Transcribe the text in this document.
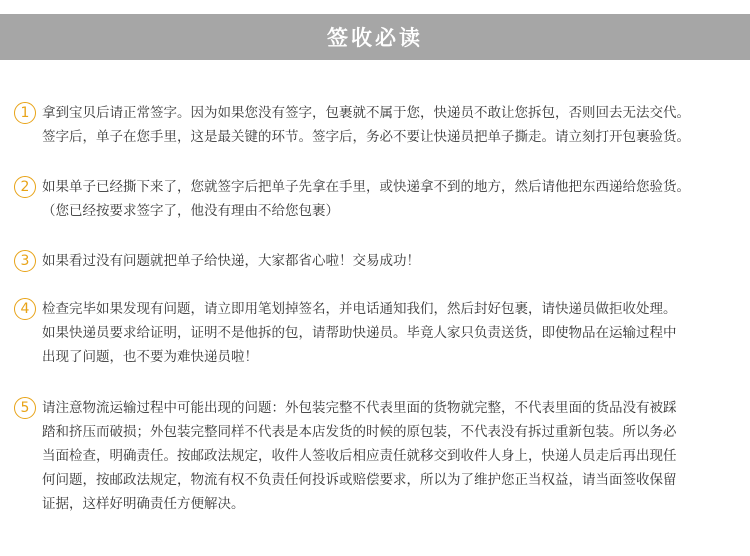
签收必读
1 拿到宝贝后请正常签字。因为如果您没有签字，包裹就不属于您，快递员不敢让您拆包，否则回去无法交代。
签字后，单子在您手里，这是最关键的环节。签字后，务必不要让快递员把单子撕走。请立刻打开包裹验货。
2 如果单子已经撕下来了，您就签字后把单子先拿在手里，或快递拿不到的地方，然后请他把东西递给您验货。
（您已经按要求签字了，他没有理由不给您包裹）
3 如果看过没有问题就把单子给快递，大家都省心啦！交易成功！
4 检查完毕如果发现有问题，请立即用笔划掉签名，并电话通知我们，然后封好包裹，请快递员做拒收处理。
如果快递员要求给证明，证明不是他拆的包，请帮助快递员。毕竟人家只负责送货，即使物品在运输过程中
出现了问题，也不要为难快递员啦！
5 请注意物流运输过程中可能出现的问题：外包装完整不代表里面的货物就完整，不代表里面的货品没有被踩
踏和挤压而破损；外包装完整同样不代表是本店发货的时候的原包装，不代表没有拆过重新包装。所以务必
当面检查，明确责任。按邮政法规定，收件人签收后相应责任就移交到收件人身上，快递人员走后再出现任
何问题，按邮政法规定，物流有权不负责任何投诉或赔偿要求，所以为了维护您正当权益，请当面签收保留
证据，这样好明确责任方便解决。
